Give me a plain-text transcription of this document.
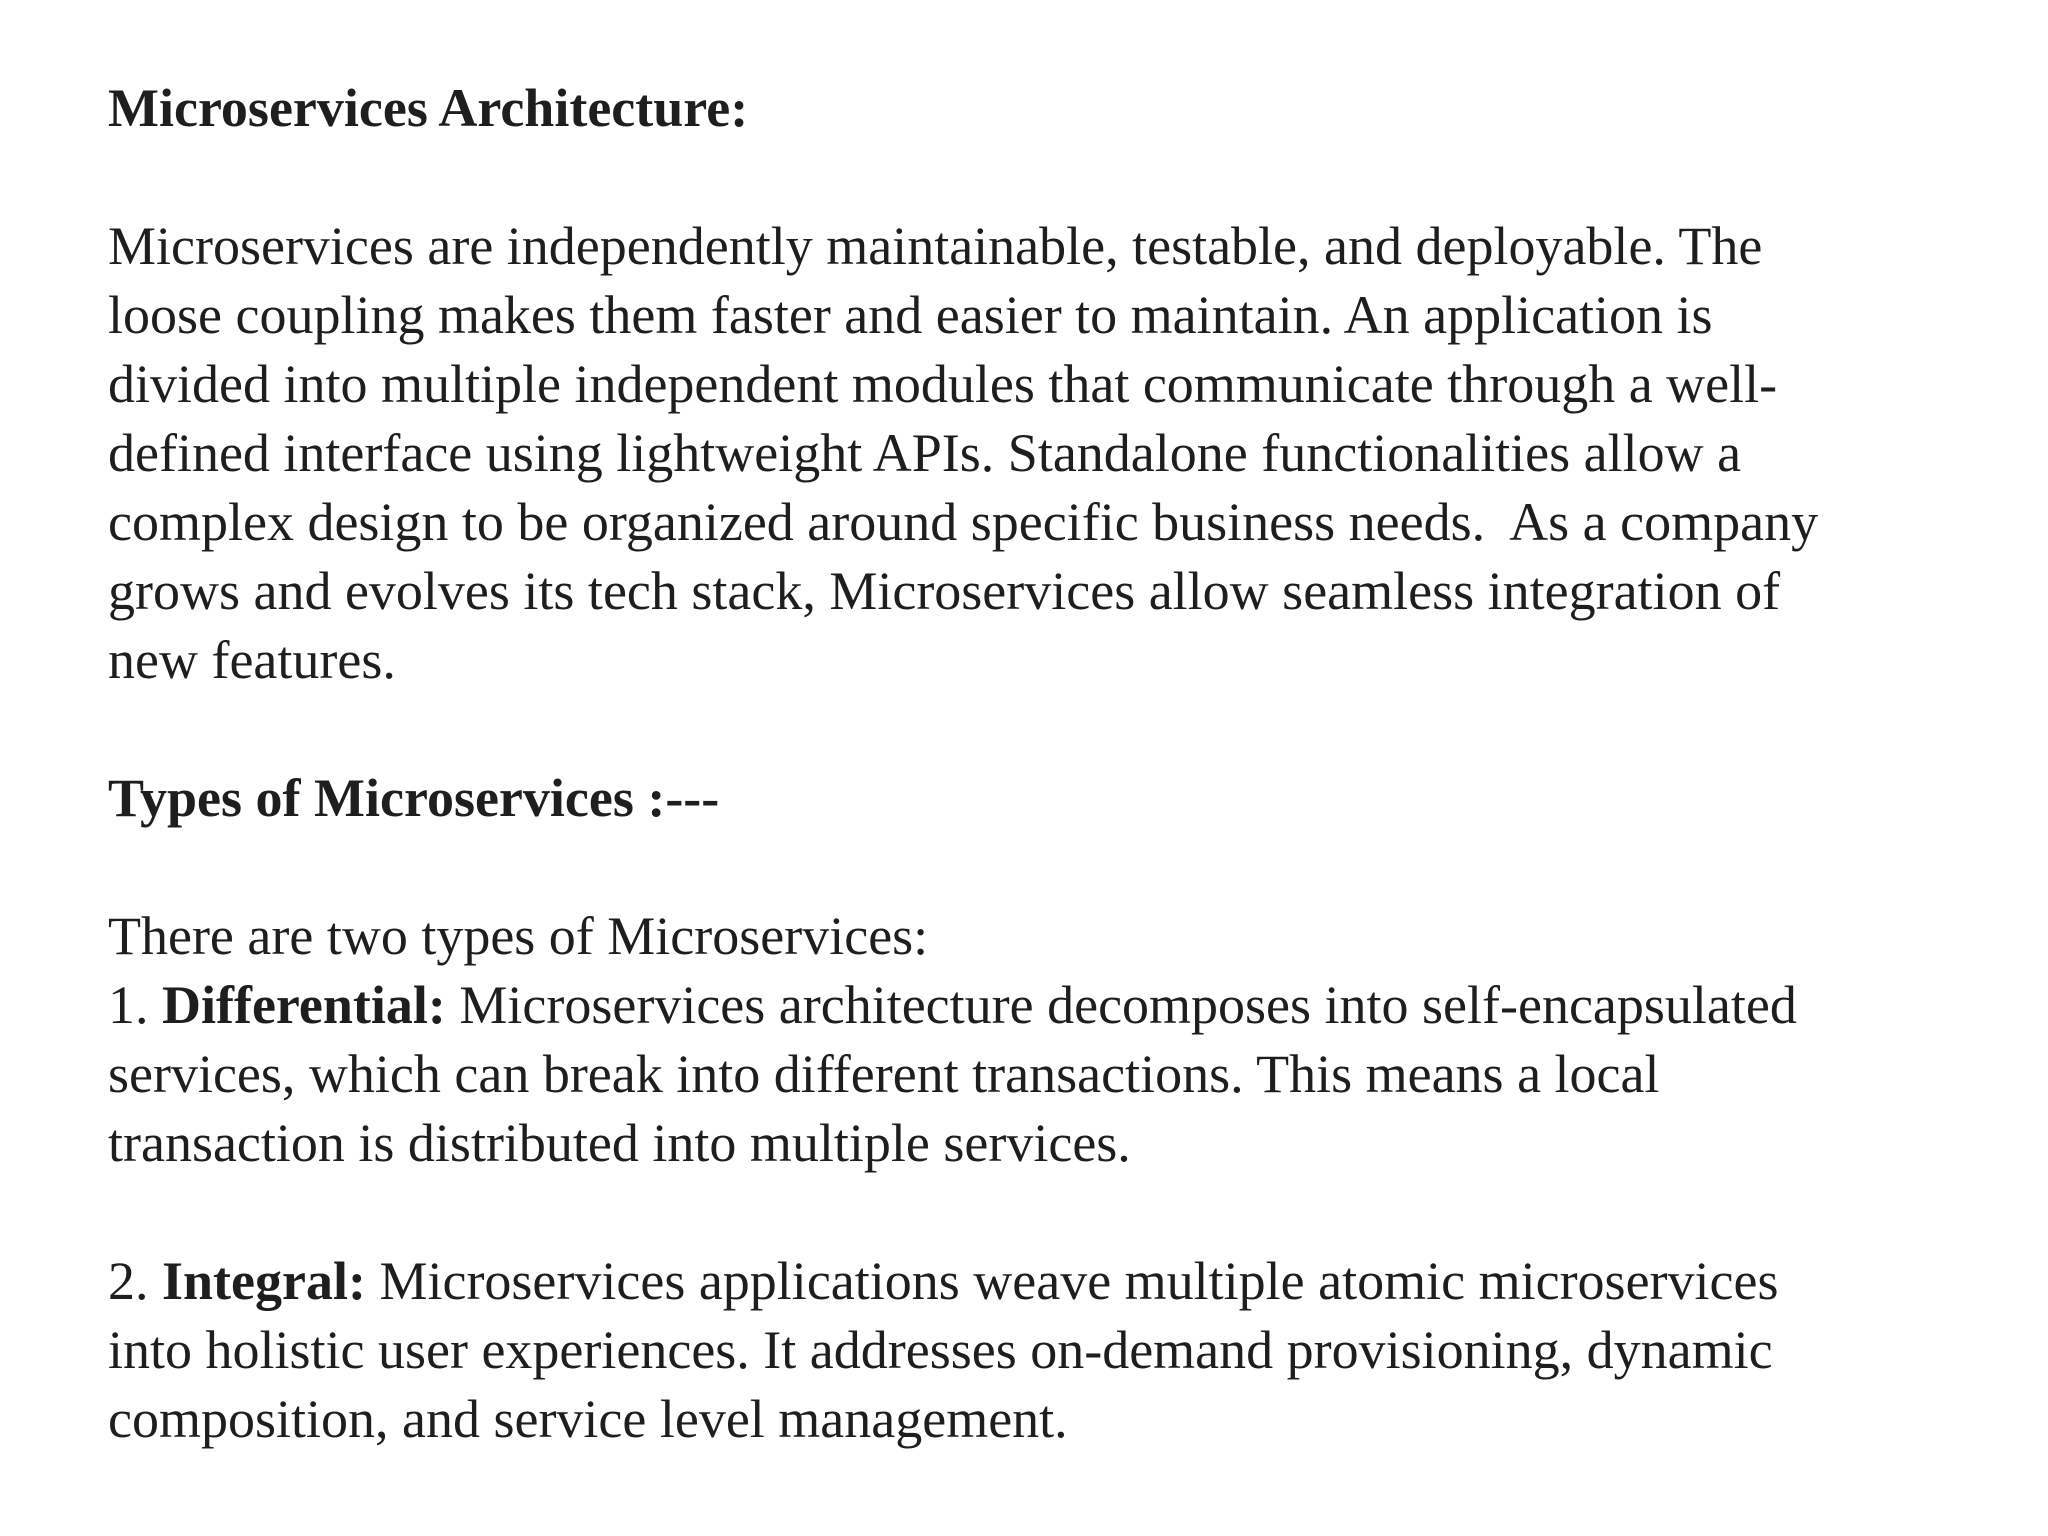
Microservices Architecture:

Microservices are independently maintainable, testable, and deployable. The
loose coupling makes them faster and easier to maintain. An application is
divided into multiple independent modules that communicate through a well-
defined interface using lightweight APIs. Standalone functionalities allow a
complex design to be organized around specific business needs.  As a company
grows and evolves its tech stack, Microservices allow seamless integration of
new features.

Types of Microservices :---

There are two types of Microservices:
1. Differential: Microservices architecture decomposes into self-encapsulated
services, which can break into different transactions. This means a local
transaction is distributed into multiple services.

2. Integral: Microservices applications weave multiple atomic microservices
into holistic user experiences. It addresses on-demand provisioning, dynamic
composition, and service level management.
